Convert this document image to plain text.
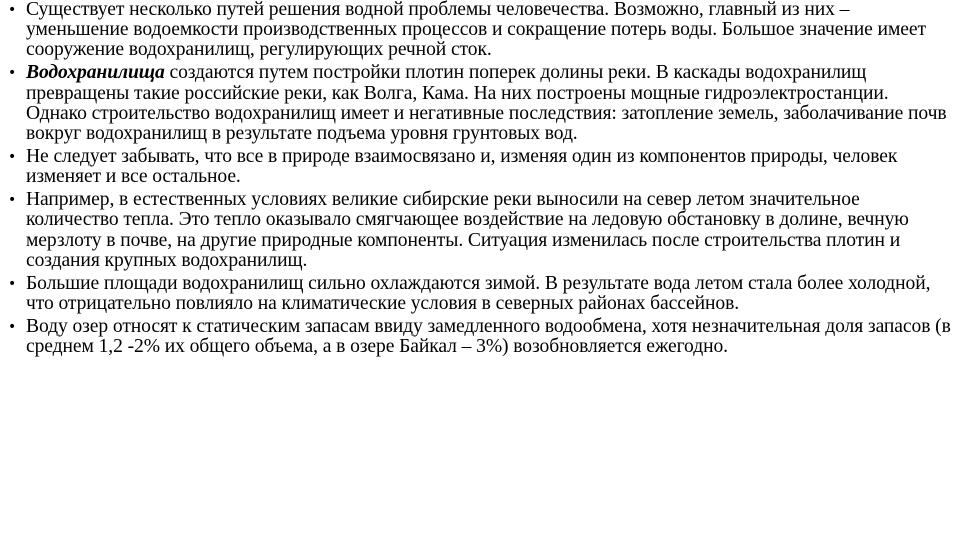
• Существует несколько путей решения водной проблемы человечества. Возможно, главный из них – уменьшение водоемкости производственных процессов и сокращение потерь воды. Большое значение имеет сооружение водохранилищ, регулирующих речной сток.
• Водохранилища создаются путем постройки плотин поперек долины реки. В каскады водохранилищ превращены такие российские реки, как Волга, Кама. На них построены мощные гидроэлектростанции. Однако строительство водохранилищ имеет и негативные последствия: затопление земель, заболачивание почв вокруг водохранилищ в результате подъема уровня грунтовых вод.
• Не следует забывать, что все в природе взаимосвязано и, изменяя один из компонентов природы, человек изменяет и все остальное.
• Например, в естественных условиях великие сибирские реки выносили на север летом значительное количество тепла. Это тепло оказывало смягчающее воздействие на ледовую обстановку в долине, вечную мерзлоту в почве, на другие природные компоненты. Ситуация изменилась после строительства плотин и создания крупных водохранилищ.
• Большие площади водохранилищ сильно охлаждаются зимой. В результате вода летом стала более холодной, что отрицательно повлияло на климатические условия в северных районах бассейнов.
• Воду озер относят к статическим запасам ввиду замедленного водообмена, хотя незначительная доля запасов (в среднем 1,2 -2% их общего объема, а в озере Байкал – 3%) возобновляется ежегодно.
